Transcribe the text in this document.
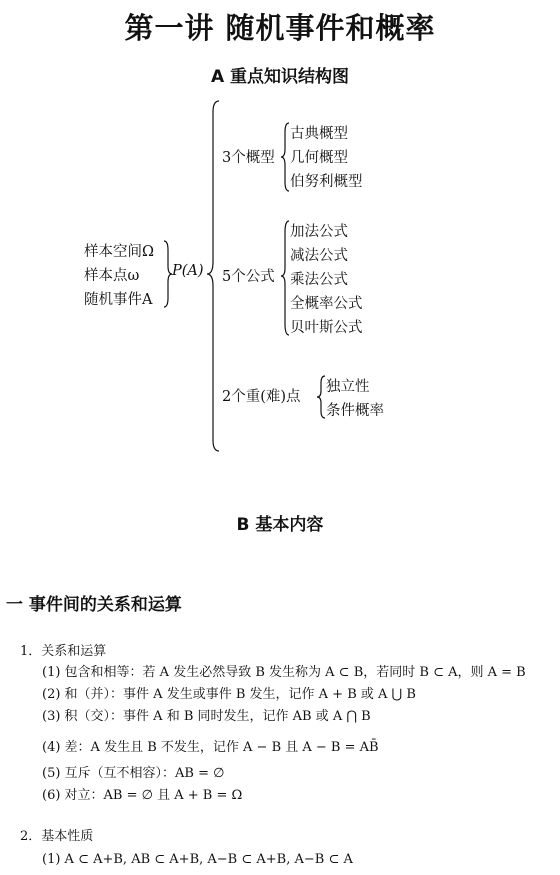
第一讲 随机事件和概率
A 重点知识结构图
样本空间Ω
样本点ω
随机事件A
P(A)
3个概型
古典概型
几何概型
伯努利概型
5个公式
加法公式
减法公式
乘法公式
全概率公式
贝叶斯公式
2个重(难)点
独立性
条件概率
B 基本内容
一 事件间的关系和运算
1．关系和运算
(1) 包含和相等：若 A 发生必然导致 B 发生称为 A ⊂ B，若同时 B ⊂ A，则 A = B
(2) 和（并）：事件 A 发生或事件 B 发生，记作 A + B 或 A ⋃ B
(3) 积（交）：事件 A 和 B 同时发生，记作 AB 或 A ⋂ B
(4) 差：A 发生且 B 不发生，记作 A − B 且 A − B = AB̄
(5) 互斥（互不相容）：AB = ∅
(6) 对立：AB = ∅ 且 A + B = Ω
2．基本性质
(1) A ⊂ A+B, AB ⊂ A+B, A−B ⊂ A+B, A−B ⊂ A
